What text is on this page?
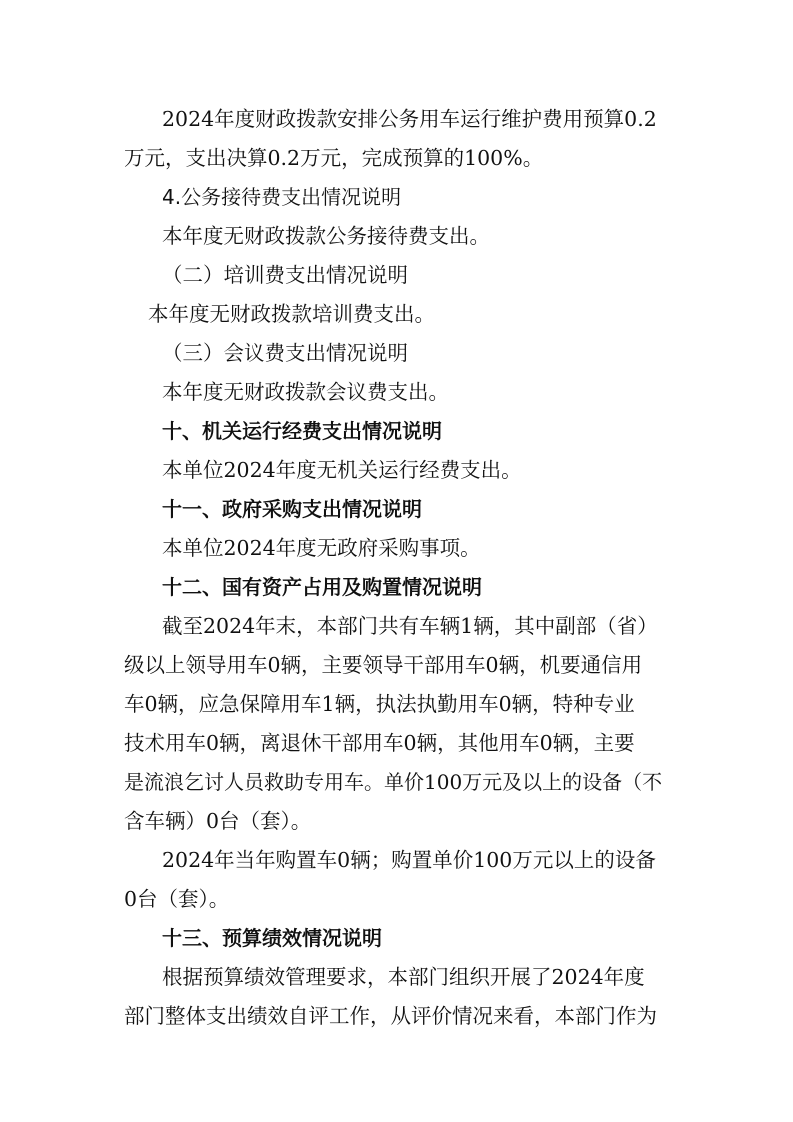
2024年度财政拨款安排公务用车运行维护费用预算0.2
万元，支出决算0.2万元，完成预算的100%。
4.公务接待费支出情况说明
本年度无财政拨款公务接待费支出。
（二）培训费支出情况说明
本年度无财政拨款培训费支出。
（三）会议费支出情况说明
本年度无财政拨款会议费支出。
十、机关运行经费支出情况说明
本单位2024年度无机关运行经费支出。
十一、政府采购支出情况说明
本单位2024年度无政府采购事项。
十二、国有资产占用及购置情况说明
截至2024年末，本部门共有车辆1辆，其中副部（省）
级以上领导用车0辆，主要领导干部用车0辆，机要通信用
车0辆，应急保障用车1辆，执法执勤用车0辆，特种专业
技术用车0辆，离退休干部用车0辆，其他用车0辆，主要
是流浪乞讨人员救助专用车。单价100万元及以上的设备（不
含车辆）0台（套）。
2024年当年购置车0辆；购置单价100万元以上的设备
0台（套）。
十三、预算绩效情况说明
根据预算绩效管理要求，本部门组织开展了2024年度
部门整体支出绩效自评工作，从评价情况来看，本部门作为
